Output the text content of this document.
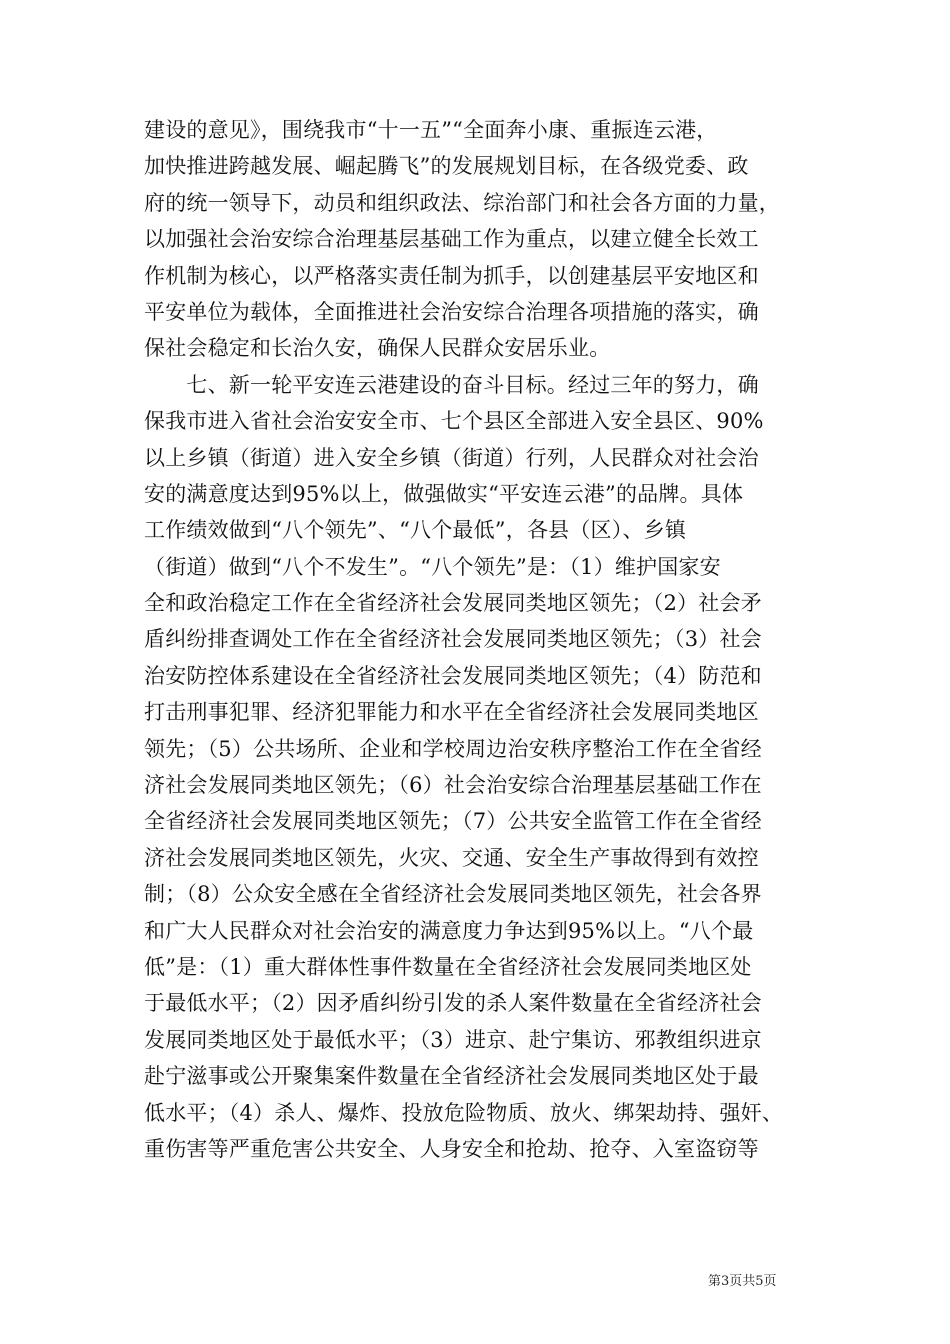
建设的意见》，围绕我市“十一五”“全面奔小康、重振连云港，
加快推进跨越发展、崛起腾飞”的发展规划目标，在各级党委、政
府的统一领导下，动员和组织政法、综治部门和社会各方面的力量，
以加强社会治安综合治理基层基础工作为重点，以建立健全长效工
作机制为核心，以严格落实责任制为抓手，以创建基层平安地区和
平安单位为载体，全面推进社会治安综合治理各项措施的落实，确
保社会稳定和长治久安，确保人民群众安居乐业。
　　七、新一轮平安连云港建设的奋斗目标。经过三年的努力，确
保我市进入省社会治安安全市、七个县区全部进入安全县区、90%
以上乡镇（街道）进入安全乡镇（街道）行列，人民群众对社会治
安的满意度达到95%以上，做强做实“平安连云港”的品牌。具体
工作绩效做到“八个领先”、“八个最低”，各县（区）、乡镇
（街道）做到“八个不发生”。“八个领先”是：（1）维护国家安
全和政治稳定工作在全省经济社会发展同类地区领先；（2）社会矛
盾纠纷排查调处工作在全省经济社会发展同类地区领先；（3）社会
治安防控体系建设在全省经济社会发展同类地区领先；（4）防范和
打击刑事犯罪、经济犯罪能力和水平在全省经济社会发展同类地区
领先；（5）公共场所、企业和学校周边治安秩序整治工作在全省经
济社会发展同类地区领先；（6）社会治安综合治理基层基础工作在
全省经济社会发展同类地区领先；（7）公共安全监管工作在全省经
济社会发展同类地区领先，火灾、交通、安全生产事故得到有效控
制；（8）公众安全感在全省经济社会发展同类地区领先，社会各界
和广大人民群众对社会治安的满意度力争达到95%以上。“八个最
低”是：（1）重大群体性事件数量在全省经济社会发展同类地区处
于最低水平；（2）因矛盾纠纷引发的杀人案件数量在全省经济社会
发展同类地区处于最低水平；（3）进京、赴宁集访、邪教组织进京
赴宁滋事或公开聚集案件数量在全省经济社会发展同类地区处于最
低水平；（4）杀人、爆炸、投放危险物质、放火、绑架劫持、强奸、
重伤害等严重危害公共安全、人身安全和抢劫、抢夺、入室盗窃等
第3页共5页
